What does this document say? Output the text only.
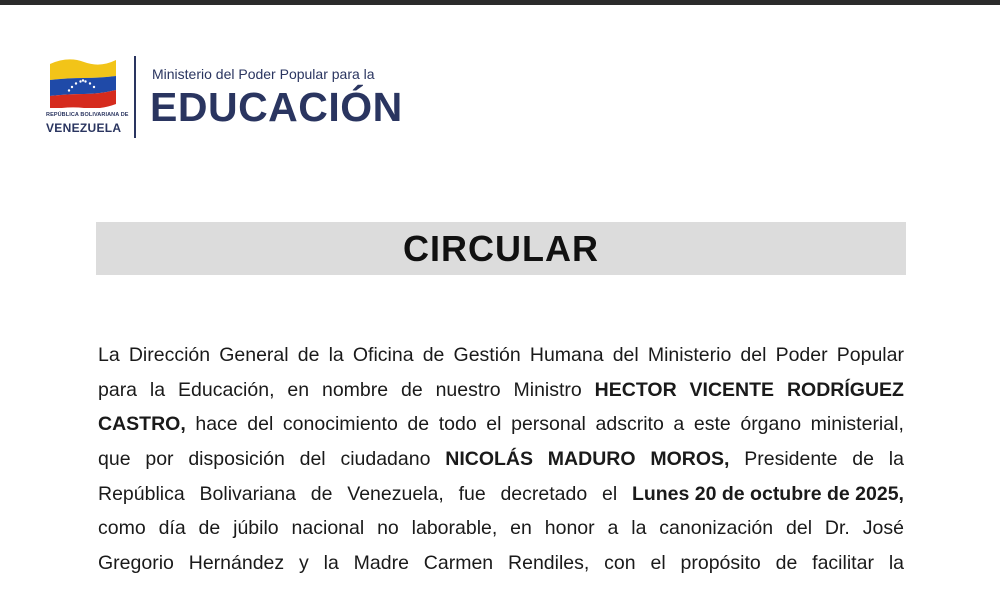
REPÚBLICA BOLIVARIANA DE
VENEZUELA
Ministerio del Poder Popular para la
EDUCACIÓN
CIRCULAR
La Dirección General de la Oficina de Gestión Humana del Ministerio del Poder Popular
para la Educación, en nombre de nuestro Ministro HECTOR VICENTE RODRÍGUEZ
CASTRO, hace del conocimiento de todo el personal adscrito a este órgano ministerial,
que por disposición del ciudadano NICOLÁS MADURO MOROS, Presidente de la
República Bolivariana de Venezuela, fue decretado el Lunes 20 de octubre de 2025,
como día de júbilo nacional no laborable, en honor a la canonización del Dr. José
Gregorio Hernández y la Madre Carmen Rendiles, con el propósito de facilitar la
